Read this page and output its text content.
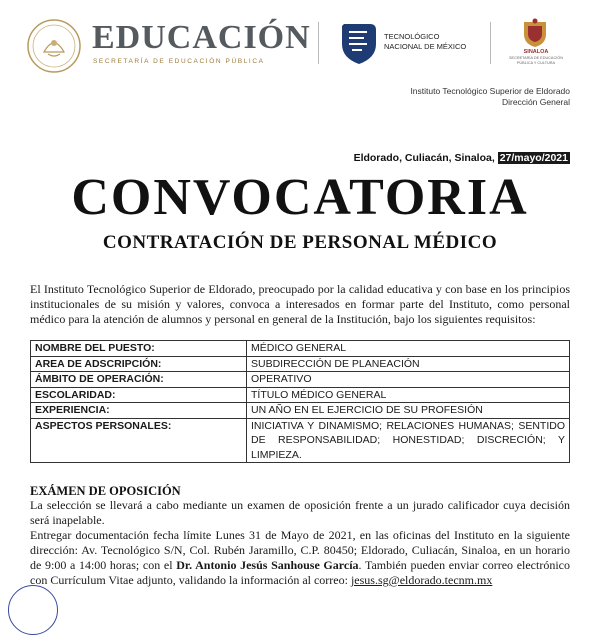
EDUCACIÓN
SECRETARÍA DE EDUCACIÓN PÚBLICA
TECNOLÓGICO
NACIONAL DE MÉXICO
SINALOA
SECRETARÍA DE EDUCACIÓN PÚBLICA Y CULTURA
Instituto Tecnológico Superior de Eldorado
Dirección General
Eldorado, Culiacán, Sinaloa, 27/mayo/2021
CONVOCATORIA
CONTRATACIÓN DE PERSONAL MÉDICO
El Instituto Tecnológico Superior de Eldorado, preocupado por la calidad educativa y con base en los principios institucionales de su misión y valores, convoca a interesados en formar parte del Instituto, como personal médico para la atención de alumnos y personal en general de la Institución, bajo los siguientes requisitos:
NOMBRE DEL PUESTO:	MÉDICO GENERAL
AREA DE ADSCRIPCIÓN:	SUBDIRECCIÓN DE PLANEACIÓN
ÁMBITO DE OPERACIÓN:	OPERATIVO
ESCOLARIDAD:	TÍTULO MÉDICO GENERAL
EXPERIENCIA:	UN AÑO EN EL EJERCICIO DE SU PROFESIÓN
ASPECTOS PERSONALES:	INICIATIVA Y DINAMISMO; RELACIONES HUMANAS; SENTIDO DE RESPONSABILIDAD; HONESTIDAD; DISCRECIÓN; Y LIMPIEZA.
EXÁMEN DE OPOSICIÓN
La selección se llevará a cabo mediante un examen de oposición frente a un jurado calificador cuya decisión será inapelable.
Entregar documentación fecha límite Lunes 31 de Mayo de 2021, en las oficinas del Instituto en la siguiente dirección: Av. Tecnológico S/N, Col. Rubén Jaramillo, C.P. 80450; Eldorado, Culiacán, Sinaloa, en un horario de 9:00 a 14:00 horas; con el Dr. Antonio Jesús Sanhouse García. También pueden enviar correo electrónico con Currículum Vitae adjunto, validando la información al correo: jesus.sg@eldorado.tecnm.mx
